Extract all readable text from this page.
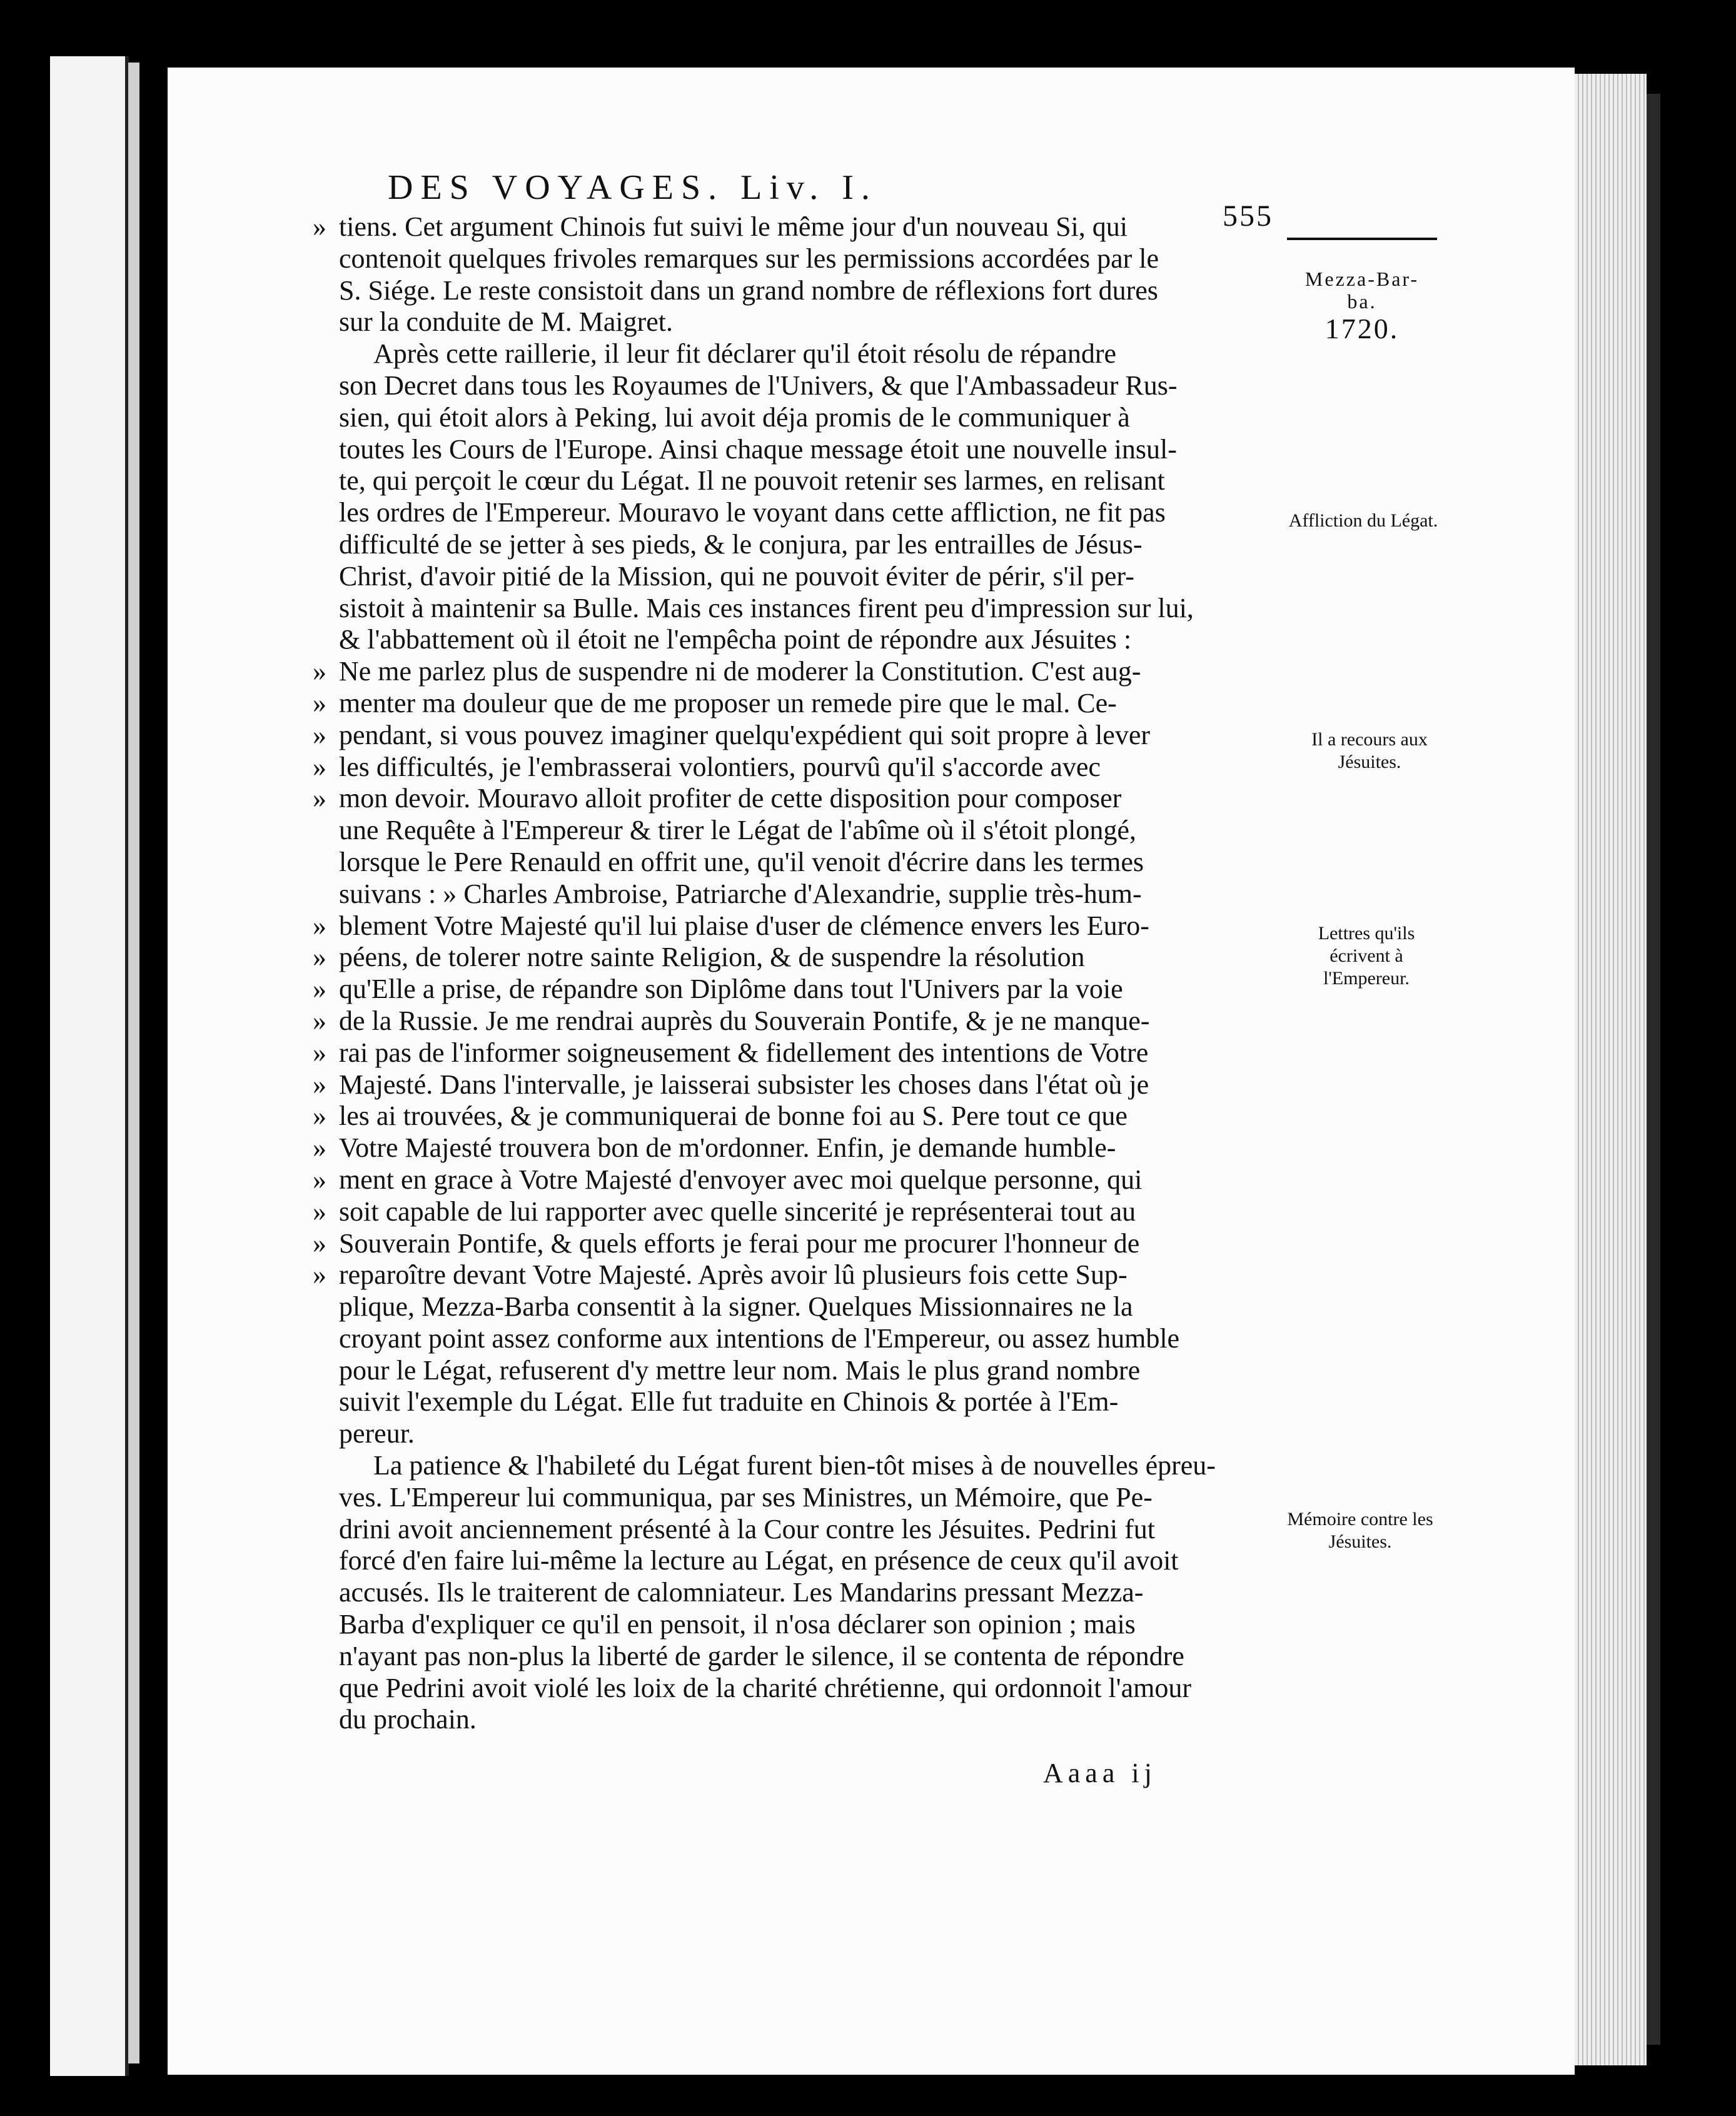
DES VOYAGES. Liv. I.
555
» tiens. Cet argument Chinois fut suivi le même jour d'un nouveau Si, qui
contenoit quelques frivoles remarques sur les permissions accordées par le
S. Siége. Le reste consistoit dans un grand nombre de réflexions fort dures
sur la conduite de M. Maigret.
Après cette raillerie, il leur fit déclarer qu'il étoit résolu de répandre
son Decret dans tous les Royaumes de l'Univers, & que l'Ambassadeur Rus-
sien, qui étoit alors à Peking, lui avoit déja promis de le communiquer à
toutes les Cours de l'Europe. Ainsi chaque message étoit une nouvelle insul-
te, qui perçoit le cœur du Légat. Il ne pouvoit retenir ses larmes, en relisant
les ordres de l'Empereur. Mouravo le voyant dans cette affliction, ne fit pas
difficulté de se jetter à ses pieds, & le conjura, par les entrailles de Jésus-
Christ, d'avoir pitié de la Mission, qui ne pouvoit éviter de périr, s'il per-
sistoit à maintenir sa Bulle. Mais ces instances firent peu d'impression sur lui,
& l'abbattement où il étoit ne l'empêcha point de répondre aux Jésuites :
» Ne me parlez plus de suspendre ni de moderer la Constitution. C'est aug-
» menter ma douleur que de me proposer un remede pire que le mal. Ce-
» pendant, si vous pouvez imaginer quelqu'expédient qui soit propre à lever
» les difficultés, je l'embrasserai volontiers, pourvû qu'il s'accorde avec
» mon devoir. Mouravo alloit profiter de cette disposition pour composer
une Requête à l'Empereur & tirer le Légat de l'abîme où il s'étoit plongé,
lorsque le Pere Renauld en offrit une, qu'il venoit d'écrire dans les termes
suivans : » Charles Ambroise, Patriarche d'Alexandrie, supplie très-hum-
» blement Votre Majesté qu'il lui plaise d'user de clémence envers les Euro-
» péens, de tolerer notre sainte Religion, & de suspendre la résolution
» qu'Elle a prise, de répandre son Diplôme dans tout l'Univers par la voie
» de la Russie. Je me rendrai auprès du Souverain Pontife, & je ne manque-
» rai pas de l'informer soigneusement & fidellement des intentions de Votre
» Majesté. Dans l'intervalle, je laisserai subsister les choses dans l'état où je
» les ai trouvées, & je communiquerai de bonne foi au S. Pere tout ce que
» Votre Majesté trouvera bon de m'ordonner. Enfin, je demande humble-
» ment en grace à Votre Majesté d'envoyer avec moi quelque personne, qui
» soit capable de lui rapporter avec quelle sincerité je représenterai tout au
» Souverain Pontife, & quels efforts je ferai pour me procurer l'honneur de
» reparoître devant Votre Majesté. Après avoir lû plusieurs fois cette Sup-
plique, Mezza-Barba consentit à la signer. Quelques Missionnaires ne la
croyant point assez conforme aux intentions de l'Empereur, ou assez humble
pour le Légat, refuserent d'y mettre leur nom. Mais le plus grand nombre
suivit l'exemple du Légat. Elle fut traduite en Chinois & portée à l'Em-
pereur.
La patience & l'habileté du Légat furent bien-tôt mises à de nouvelles épreu-
ves. L'Empereur lui communiqua, par ses Ministres, un Mémoire, que Pe-
drini avoit anciennement présenté à la Cour contre les Jésuites. Pedrini fut
forcé d'en faire lui-même la lecture au Légat, en présence de ceux qu'il avoit
accusés. Ils le traiterent de calomniateur. Les Mandarins pressant Mezza-
Barba d'expliquer ce qu'il en pensoit, il n'osa déclarer son opinion ; mais
n'ayant pas non-plus la liberté de garder le silence, il se contenta de répondre
que Pedrini avoit violé les loix de la charité chrétienne, qui ordonnoit l'amour
du prochain.

Mezza-Bar-
ba.

1720.

Affliction du Légat.
Il a recours aux Jésuites.
Lettres qu'ils écrivent à l'Empereur.
Mémoire contre les Jésuites.
Aaaa ij
